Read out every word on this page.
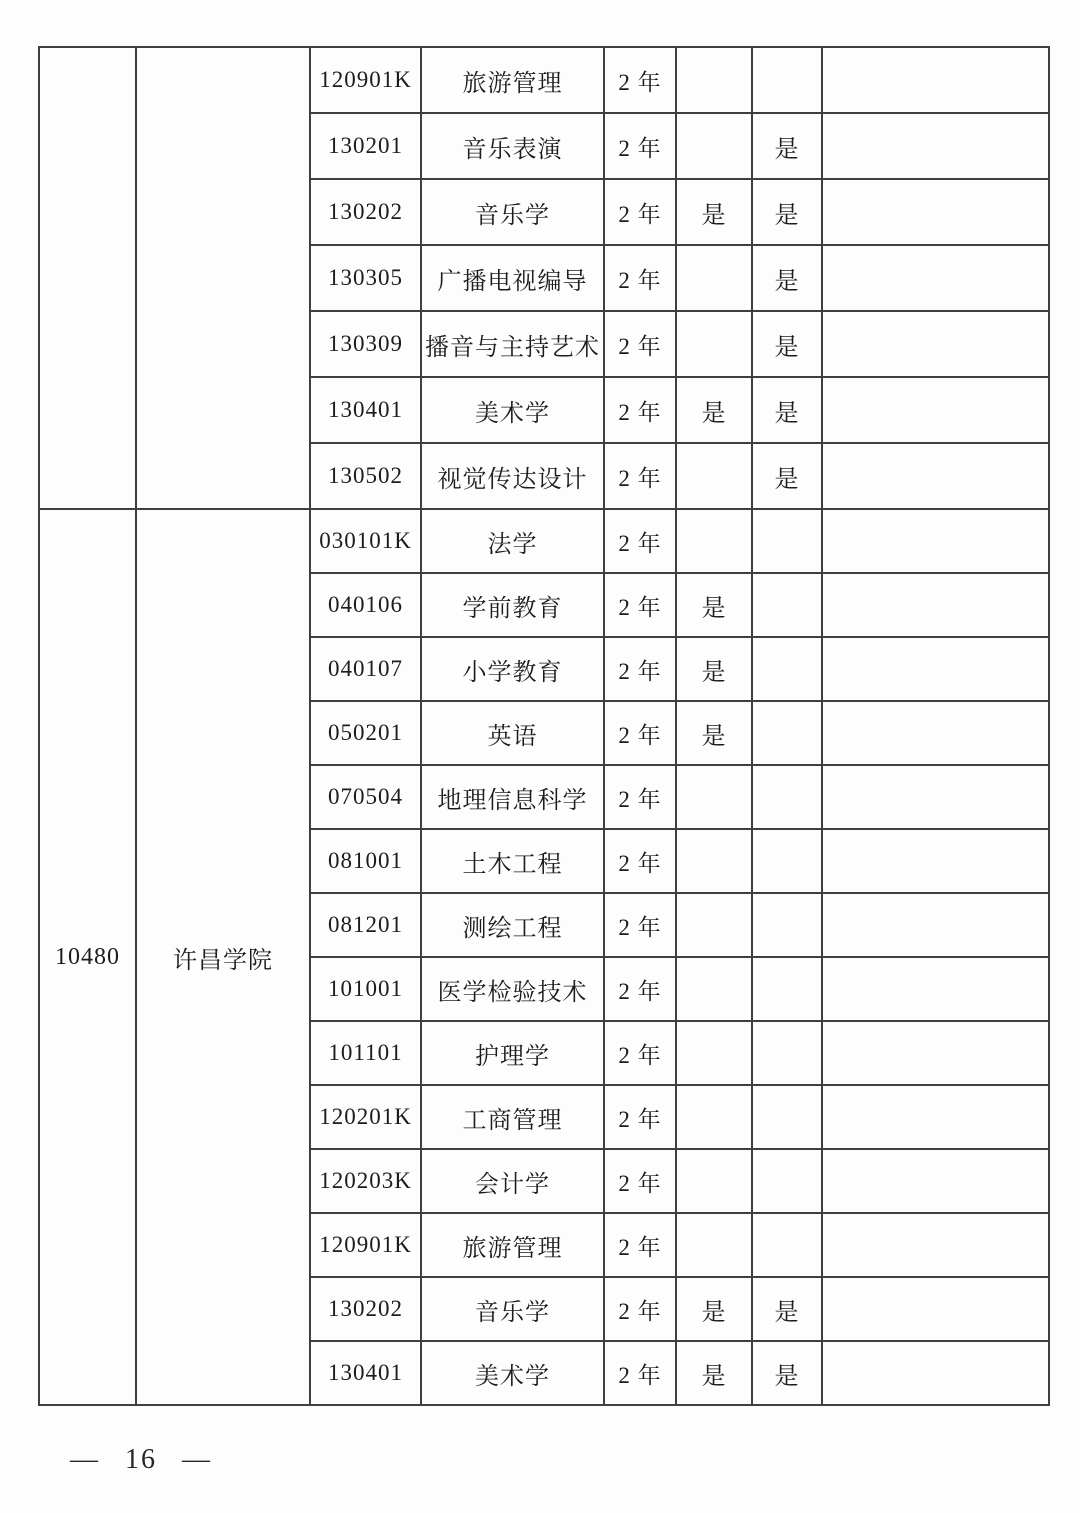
		120901K	旅游管理	2 年			
		130201	音乐表演	2 年		是	
		130202	音乐学	2 年	是	是	
		130305	广播电视编导	2 年		是	
		130309	播音与主持艺术	2 年		是	
		130401	美术学	2 年	是	是	
		130502	视觉传达设计	2 年		是	
10480	许昌学院	030101K	法学	2 年			
		040106	学前教育	2 年	是		
		040107	小学教育	2 年	是		
		050201	英语	2 年	是		
		070504	地理信息科学	2 年			
		081001	土木工程	2 年			
		081201	测绘工程	2 年			
		101001	医学检验技术	2 年			
		101101	护理学	2 年			
		120201K	工商管理	2 年			
		120203K	会计学	2 年			
		120901K	旅游管理	2 年			
		130202	音乐学	2 年	是	是	
		130401	美术学	2 年	是	是	
— 16 —
